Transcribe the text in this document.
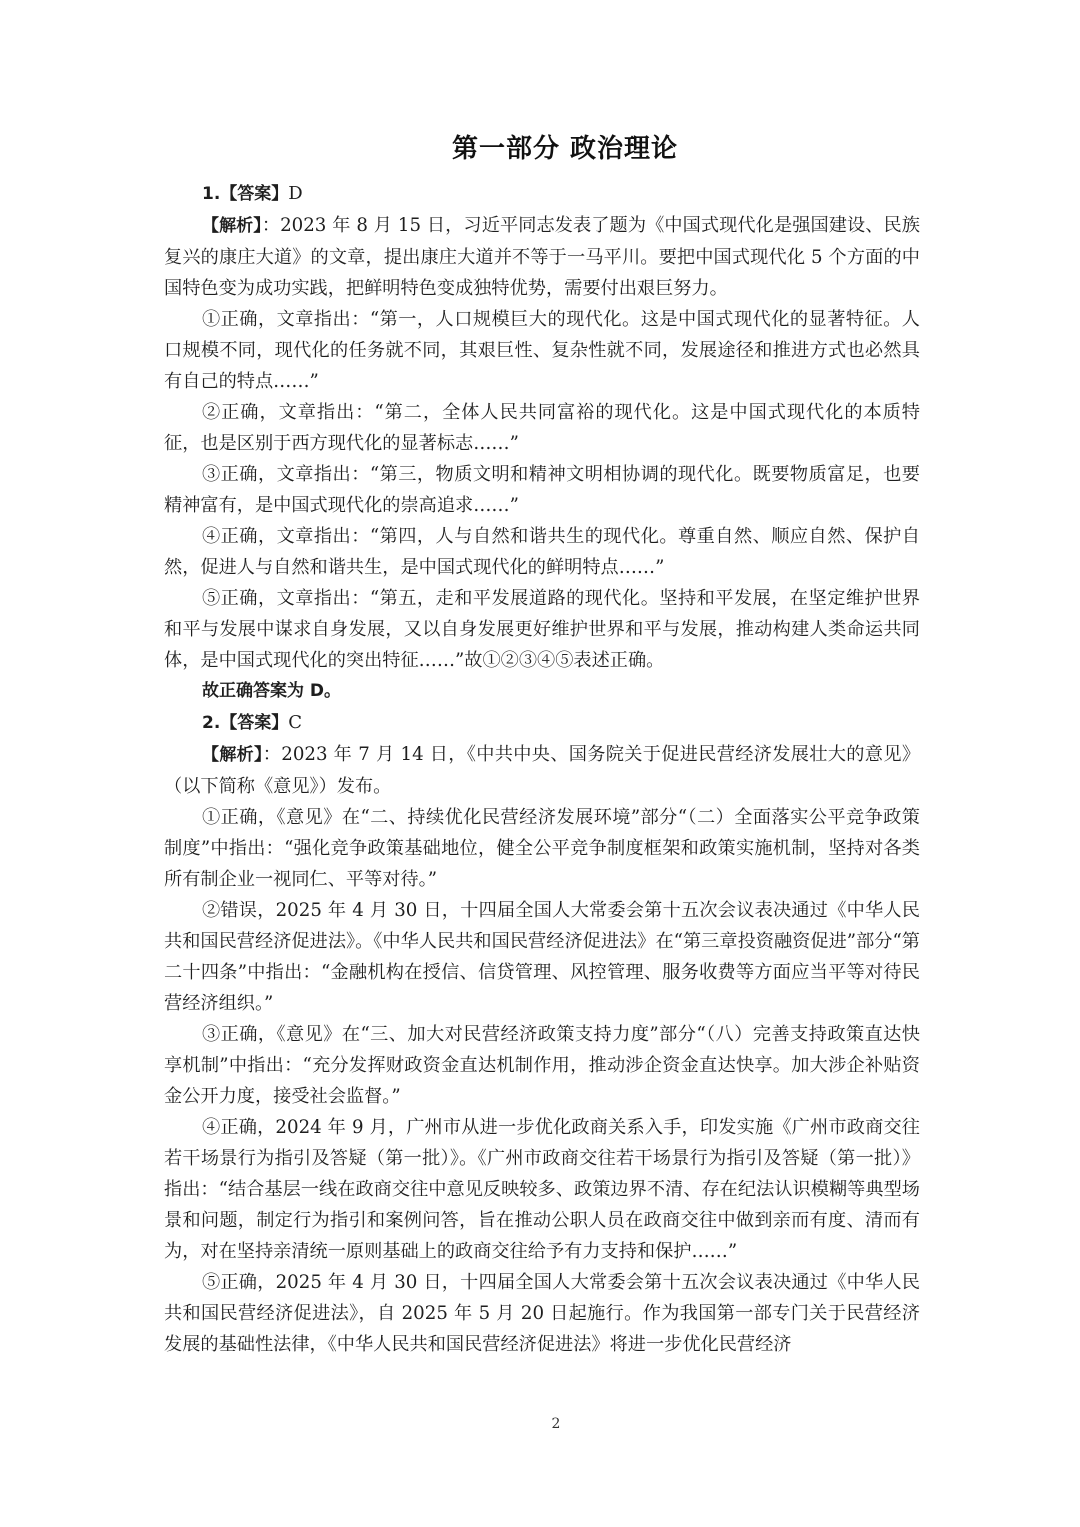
第一部分 政治理论

1.【答案】D

【解析】：2023 年 8 月 15 日，习近平同志发表了题为《中国式现代化是强国建设、民族复兴的康庄大道》的文章，提出康庄大道并不等于一马平川。要把中国式现代化 5 个方面的中国特色变为成功实践，把鲜明特色变成独特优势，需要付出艰巨努力。

①正确，文章指出：“第一，人口规模巨大的现代化。这是中国式现代化的显著特征。人口规模不同，现代化的任务就不同，其艰巨性、复杂性就不同，发展途径和推进方式也必然具有自己的特点……”

②正确，文章指出：“第二，全体人民共同富裕的现代化。这是中国式现代化的本质特征，也是区别于西方现代化的显著标志……”

③正确，文章指出：“第三，物质文明和精神文明相协调的现代化。既要物质富足，也要精神富有，是中国式现代化的崇高追求……”

④正确，文章指出：“第四，人与自然和谐共生的现代化。尊重自然、顺应自然、保护自然，促进人与自然和谐共生，是中国式现代化的鲜明特点……”

⑤正确，文章指出：“第五，走和平发展道路的现代化。坚持和平发展，在坚定维护世界和平与发展中谋求自身发展，又以自身发展更好维护世界和平与发展，推动构建人类命运共同体，是中国式现代化的突出特征……”故①②③④⑤表述正确。

故正确答案为 D。

2.【答案】C

【解析】：2023 年 7 月 14 日，《中共中央、国务院关于促进民营经济发展壮大的意见》（以下简称《意见》）发布。

①正确，《意见》在“二、持续优化民营经济发展环境”部分“（二）全面落实公平竞争政策制度”中指出：“强化竞争政策基础地位，健全公平竞争制度框架和政策实施机制，坚持对各类所有制企业一视同仁、平等对待。”

②错误，2025 年 4 月 30 日，十四届全国人大常委会第十五次会议表决通过《中华人民共和国民营经济促进法》。《中华人民共和国民营经济促进法》在“第三章投资融资促进”部分“第二十四条”中指出：“金融机构在授信、信贷管理、风控管理、服务收费等方面应当平等对待民营经济组织。”

③正确，《意见》在“三、加大对民营经济政策支持力度”部分“（八）完善支持政策直达快享机制”中指出：“充分发挥财政资金直达机制作用，推动涉企资金直达快享。加大涉企补贴资金公开力度，接受社会监督。”

④正确，2024 年 9 月，广州市从进一步优化政商关系入手，印发实施《广州市政商交往若干场景行为指引及答疑（第一批）》。《广州市政商交往若干场景行为指引及答疑（第一批）》指出：“结合基层一线在政商交往中意见反映较多、政策边界不清、存在纪法认识模糊等典型场景和问题，制定行为指引和案例问答，旨在推动公职人员在政商交往中做到亲而有度、清而有为，对在坚持亲清统一原则基础上的政商交往给予有力支持和保护……”

⑤正确，2025 年 4 月 30 日，十四届全国人大常委会第十五次会议表决通过《中华人民共和国民营经济促进法》，自 2025 年 5 月 20 日起施行。作为我国第一部专门关于民营经济发展的基础性法律，《中华人民共和国民营经济促进法》将进一步优化民营经济

2
